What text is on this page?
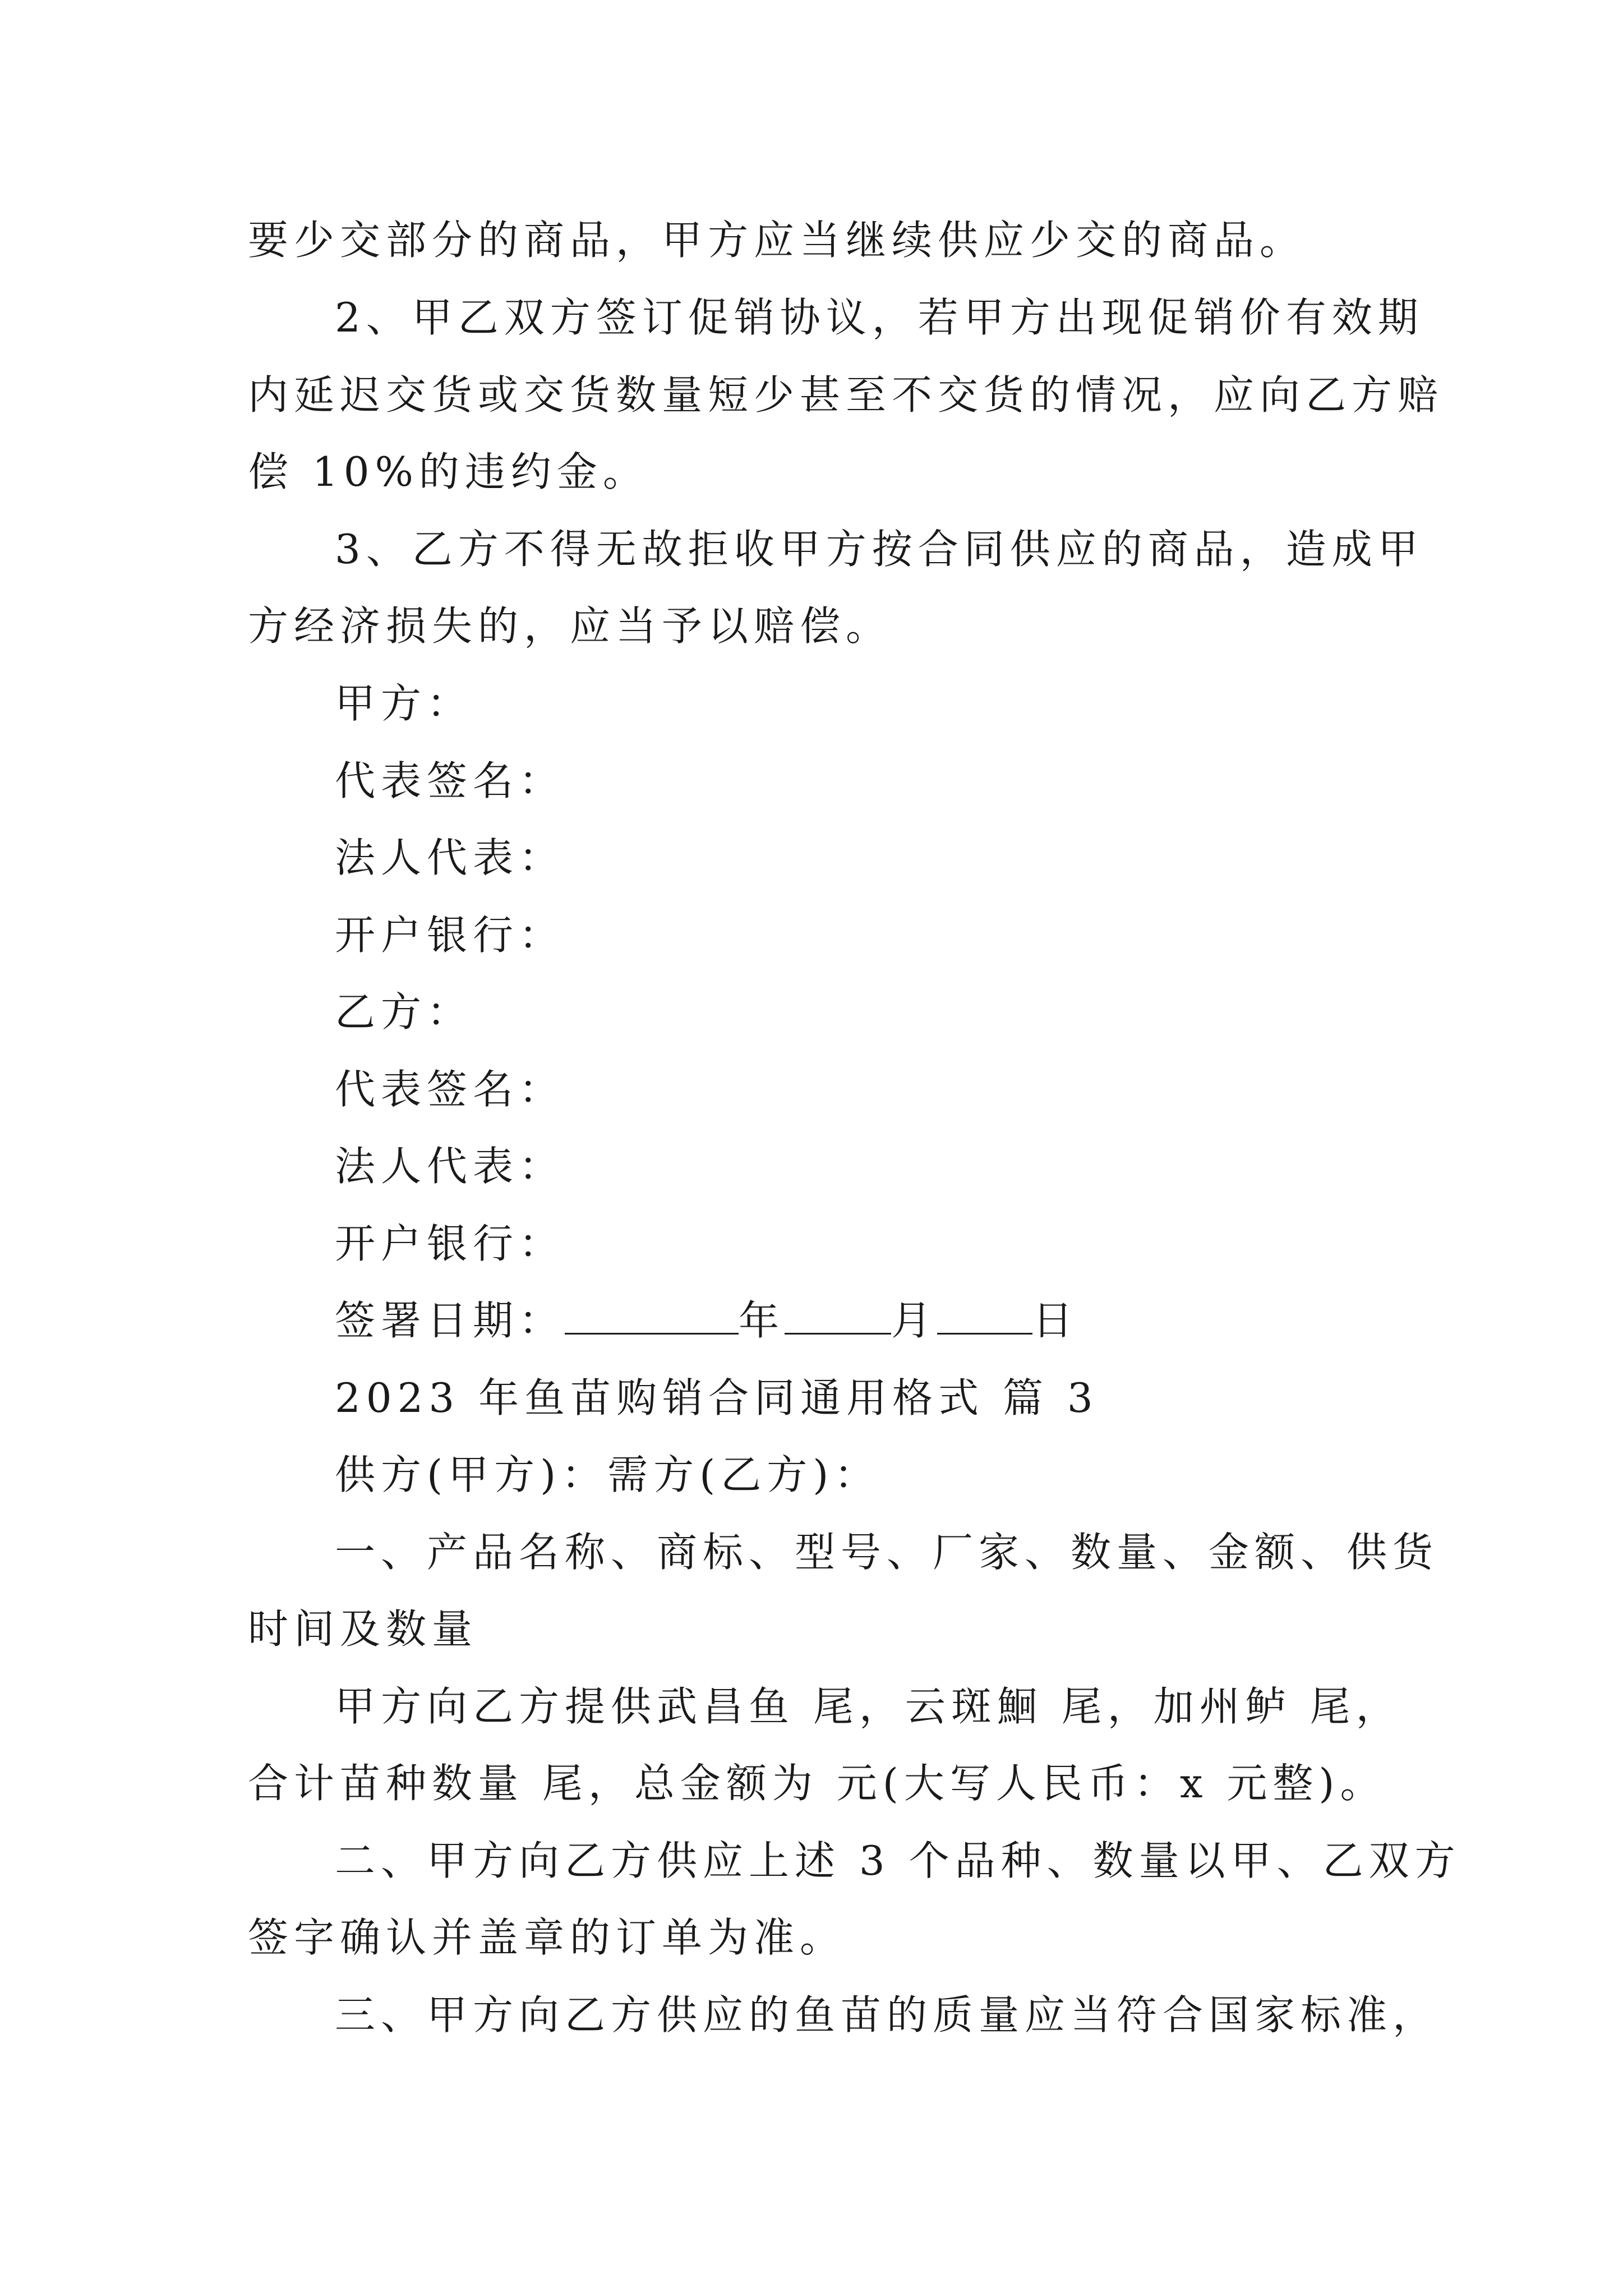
要少交部分的商品，甲方应当继续供应少交的商品。
2、甲乙双方签订促销协议，若甲方出现促销价有效期
内延迟交货或交货数量短少甚至不交货的情况，应向乙方赔
偿 10%的违约金。
3、乙方不得无故拒收甲方按合同供应的商品，造成甲
方经济损失的，应当予以赔偿。
甲方：
代表签名：
法人代表：
开户银行：
乙方：
代表签名：
法人代表：
开户银行：
签署日期：	年	月 日
2023 年鱼苗购销合同通用格式 篇 3
供方(甲方)：需方(乙方)：
一、产品名称、商标、型号、厂家、数量、金额、供货
时间及数量
甲方向乙方提供武昌鱼 尾，云斑鮰 尾，加州鲈 尾，
合计苗种数量 尾，总金额为 元(大写人民币：x 元整)。
二、甲方向乙方供应上述 3 个品种、数量以甲、乙双方
签字确认并盖章的订单为准。
三、甲方向乙方供应的鱼苗的质量应当符合国家标准，
